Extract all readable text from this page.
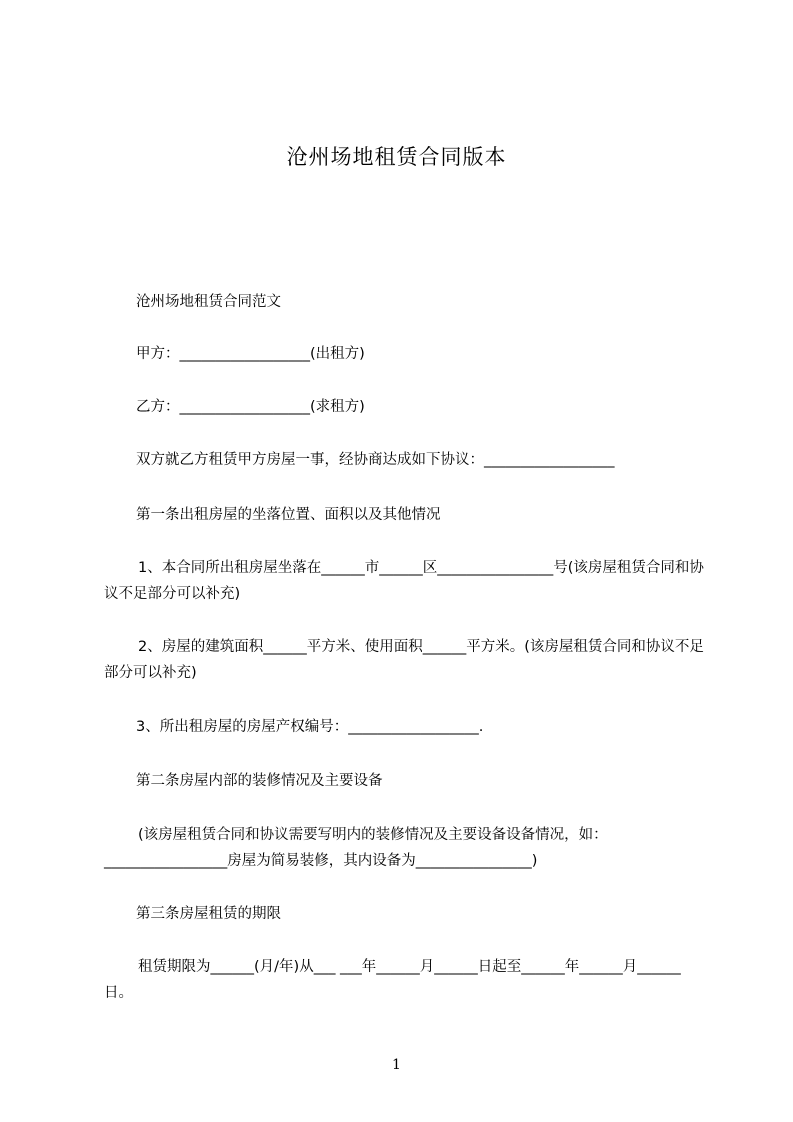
沧州场地租赁合同版本
沧州场地租赁合同范文
甲方：__________________(出租方)
乙方：__________________(求租方)
双方就乙方租赁甲方房屋一事，经协商达成如下协议：__________________
第一条出租房屋的坐落位置、面积以及其他情况
1、本合同所出租房屋坐落在______市______区________________号(该房屋租赁合同和协议不足部分可以补充)
2、房屋的建筑面积______平方米、使用面积______平方米。(该房屋租赁合同和协议不足部分可以补充)
3、所出租房屋的房屋产权编号：__________________.
第二条房屋内部的装修情况及主要设备
(该房屋租赁合同和协议需要写明内的装修情况及主要设备设备情况，如：_________________房屋为简易装修，其内设备为________________)
第三条房屋租赁的期限
租赁期限为______(月/年)从___ ___年______月______日起至______年______月______日。
1
